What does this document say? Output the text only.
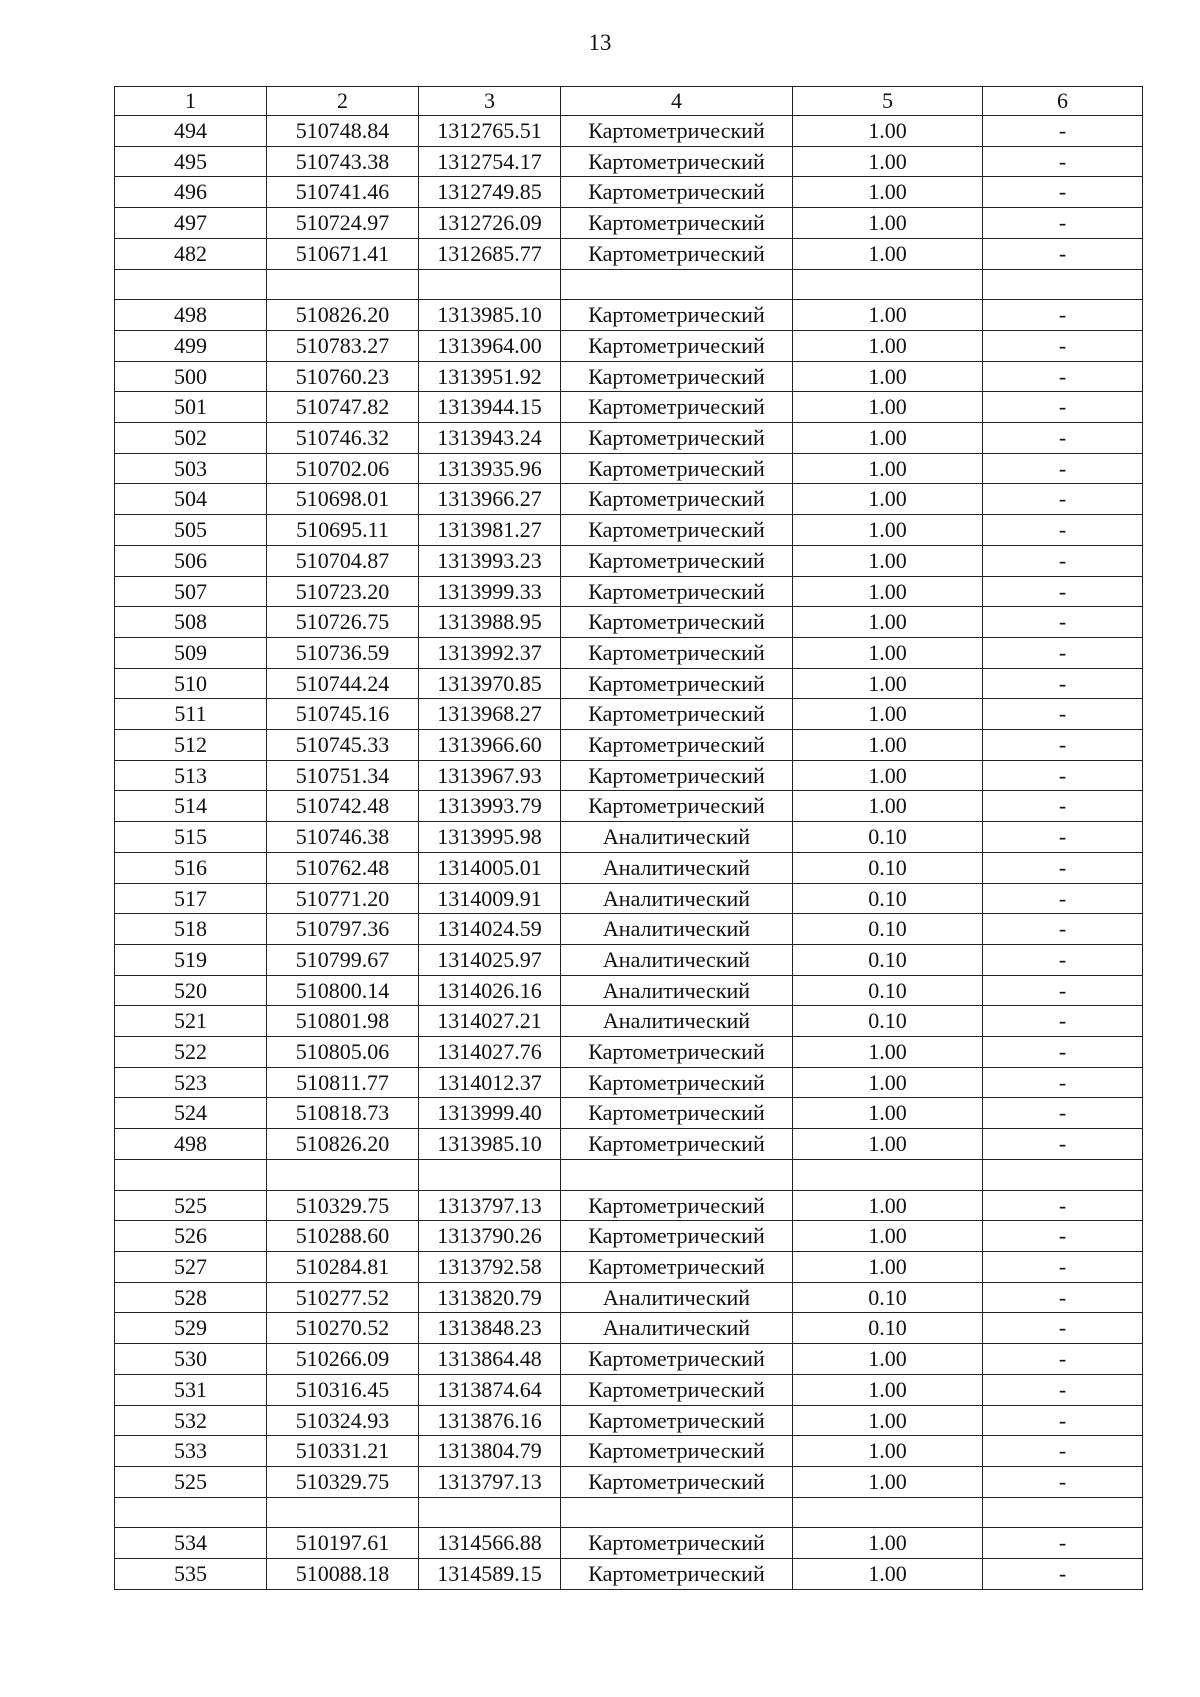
13
1	2	3	4	5	6
494	510748.84	1312765.51	Картометрический	1.00	-
495	510743.38	1312754.17	Картометрический	1.00	-
496	510741.46	1312749.85	Картометрический	1.00	-
497	510724.97	1312726.09	Картометрический	1.00	-
482	510671.41	1312685.77	Картометрический	1.00	-

498	510826.20	1313985.10	Картометрический	1.00	-
499	510783.27	1313964.00	Картометрический	1.00	-
500	510760.23	1313951.92	Картометрический	1.00	-
501	510747.82	1313944.15	Картометрический	1.00	-
502	510746.32	1313943.24	Картометрический	1.00	-
503	510702.06	1313935.96	Картометрический	1.00	-
504	510698.01	1313966.27	Картометрический	1.00	-
505	510695.11	1313981.27	Картометрический	1.00	-
506	510704.87	1313993.23	Картометрический	1.00	-
507	510723.20	1313999.33	Картометрический	1.00	-
508	510726.75	1313988.95	Картометрический	1.00	-
509	510736.59	1313992.37	Картометрический	1.00	-
510	510744.24	1313970.85	Картометрический	1.00	-
511	510745.16	1313968.27	Картометрический	1.00	-
512	510745.33	1313966.60	Картометрический	1.00	-
513	510751.34	1313967.93	Картометрический	1.00	-
514	510742.48	1313993.79	Картометрический	1.00	-
515	510746.38	1313995.98	Аналитический	0.10	-
516	510762.48	1314005.01	Аналитический	0.10	-
517	510771.20	1314009.91	Аналитический	0.10	-
518	510797.36	1314024.59	Аналитический	0.10	-
519	510799.67	1314025.97	Аналитический	0.10	-
520	510800.14	1314026.16	Аналитический	0.10	-
521	510801.98	1314027.21	Аналитический	0.10	-
522	510805.06	1314027.76	Картометрический	1.00	-
523	510811.77	1314012.37	Картометрический	1.00	-
524	510818.73	1313999.40	Картометрический	1.00	-
498	510826.20	1313985.10	Картометрический	1.00	-

525	510329.75	1313797.13	Картометрический	1.00	-
526	510288.60	1313790.26	Картометрический	1.00	-
527	510284.81	1313792.58	Картометрический	1.00	-
528	510277.52	1313820.79	Аналитический	0.10	-
529	510270.52	1313848.23	Аналитический	0.10	-
530	510266.09	1313864.48	Картометрический	1.00	-
531	510316.45	1313874.64	Картометрический	1.00	-
532	510324.93	1313876.16	Картометрический	1.00	-
533	510331.21	1313804.79	Картометрический	1.00	-
525	510329.75	1313797.13	Картометрический	1.00	-

534	510197.61	1314566.88	Картометрический	1.00	-
535	510088.18	1314589.15	Картометрический	1.00	-
